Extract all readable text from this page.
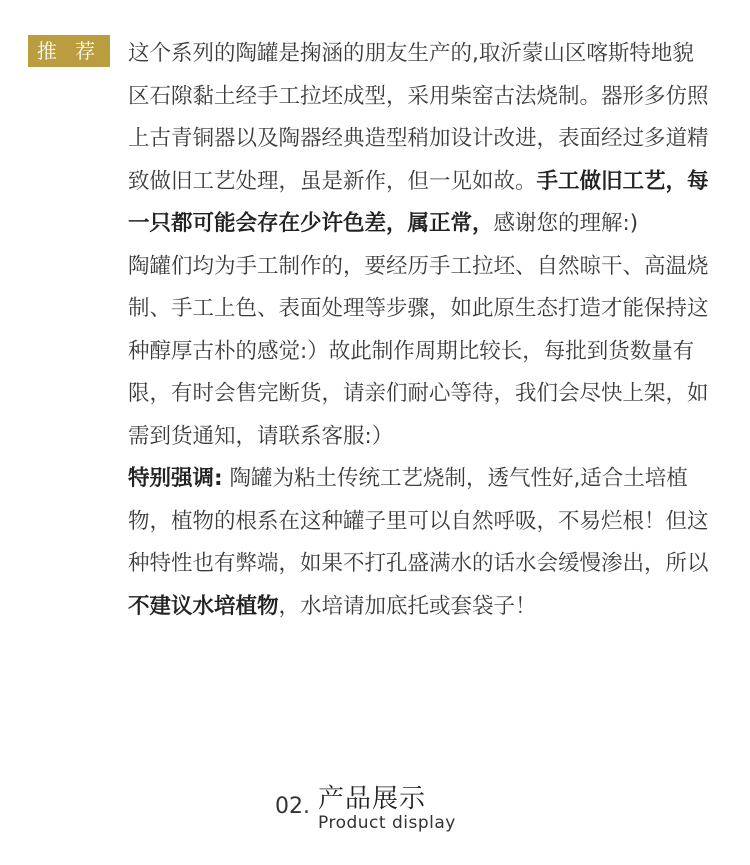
推 荐	这个系列的陶罐是掬涵的朋友生产的,取沂蒙山区喀斯特地貌区石隙黏土经手工拉坯成型，采用柴窑古法烧制。器形多仿照上古青铜器以及陶器经典造型稍加设计改进，表面经过多道精致做旧工艺处理，虽是新作，但一见如故。手工做旧工艺，每一只都可能会存在少许色差，属正常，感谢您的理解:)

陶罐们均为手工制作的，要经历手工拉坯、自然晾干、高温烧制、手工上色、表面处理等步骤，如此原生态打造才能保持这种醇厚古朴的感觉:）故此制作周期比较长，每批到货数量有限，有时会售完断货，请亲们耐心等待，我们会尽快上架，如需到货通知，请联系客服:）

特别强调: 陶罐为粘土传统工艺烧制，透气性好,适合土培植物，植物的根系在这种罐子里可以自然呼吸，不易烂根！但这种特性也有弊端，如果不打孔盛满水的话水会缓慢渗出，所以不建议水培植物，水培请加底托或套袋子！

02. 产品展示
Product display
